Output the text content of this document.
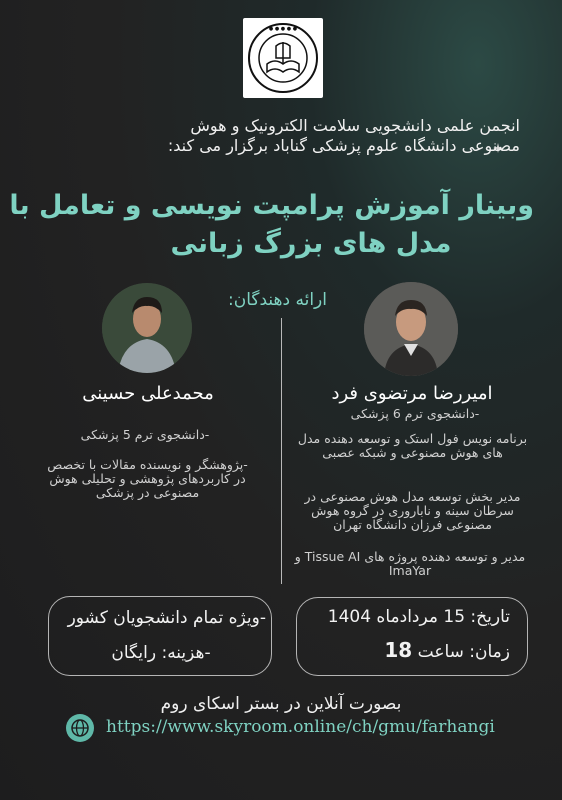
● ● ● ● ●
انجمن علمی دانشجویی سلامت الکترونیک و هوش
مصنوعی دانشگاه علوم پزشکی گناباد برگزار می کند:
وبینار آموزش پرامپت نویسی و تعامل با
مدل های بزرگ زبانی
ارائه دهندگان:
امیررضا مرتضوی فرد
-دانشجوی ترم 6 پزشکی
برنامه نویس فول استک و توسعه دهنده مدل های هوش مصنوعی و شبکه عصبی
مدیر بخش توسعه مدل هوش مصنوعی در سرطان سینه و ناباروری در گروه هوش مصنوعی فرزان دانشگاه تهران
مدیر و توسعه دهنده پروژه های Tissue AI و ImaYar
محمدعلی حسینی
-دانشجوی ترم 5 پزشکی
-پژوهشگر و نویسنده مقالات با تخصص در کاربردهای پژوهشی و تحلیلی هوش مصنوعی در پزشکی
-ویژه تمام دانشجویان کشور
-هزینه: رایگان
تاریخ: 15 مردادماه 1404
زمان: ساعت 18
بصورت آنلاین در بستر اسکای روم
https://www.skyroom.online/ch/gmu/farhangi
